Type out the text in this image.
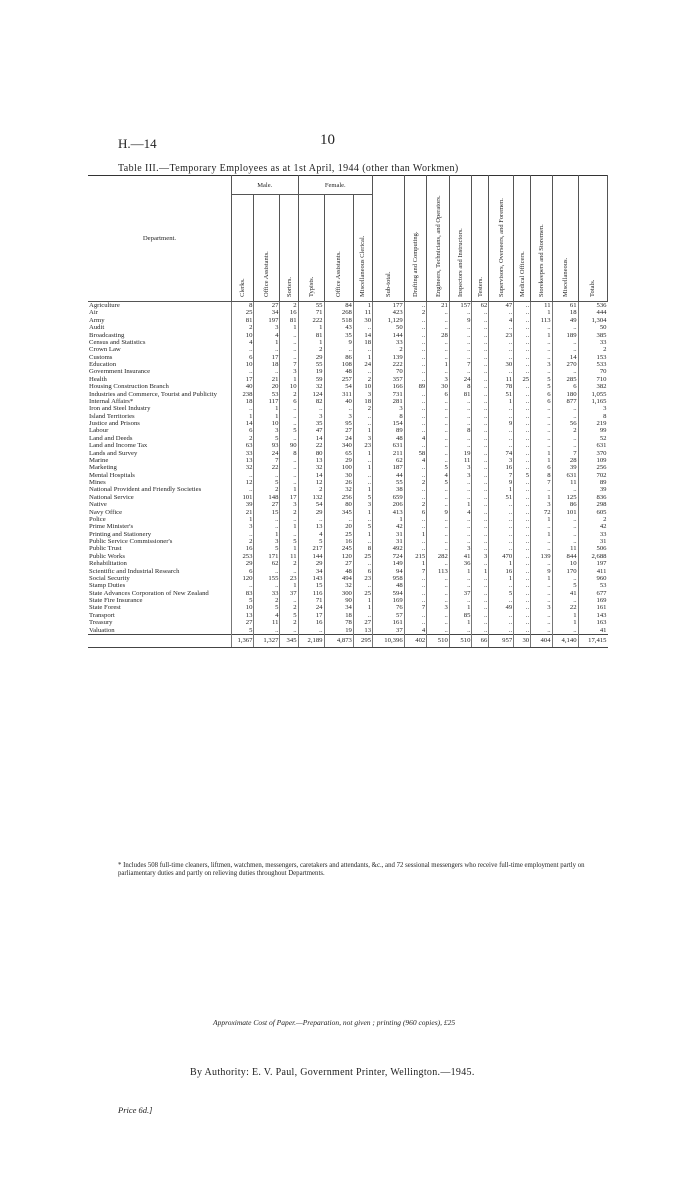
H.—14	10
Table III.—Temporary Employees as at 1st April, 1944 (other than Workmen)
Department.	Male.			Female.			Sub-total.	Drafting and Computing.	Engineers, Technicians, and Operators.	Inspectors and Instructors.	Testers.	Supervisors, Overseers, and Foremen.	Medical Officers.	Storekeepers and Storemen.	Miscellaneous.	Totals.
	Clerks.	Office Assistants.	Sorters.	Typists.	Office Assistants.	Miscellaneous Clerical.										
Agriculture	8	27	2	55	84	1	177	..	21	157	62	47	..	11	61	536
Air	25	34	16	71	268	11	423	2	..	..	..	..	..	1	18	444
Army	81	197	81	222	518	30	1,129	..	..	9	..	4	..	113	49	1,304
Audit	2	3	1	1	43	..	50	..	..	..	..	..	..	..	..	50
Broadcasting	10	4	..	81	35	14	144	..	28	..	..	23	..	1	189	385
Census and Statistics	4	1	..	1	9	18	33	..	..	..	..	..	..	..	..	33
Crown Law	..	..	..	2	..	..	2	..	..	..	..	..	..	..	..	2
Customs	6	17	..	29	86	1	139	..	..	..	..	..	..	..	14	153
Education	10	18	7	55	108	24	222	..	1	7	..	30	..	3	270	533
Government Insurance	..	..	3	19	48	..	70	..	..	..	..	..	..	..	..	70
Health	17	21	1	59	257	2	357	..	3	24	..	11	25	5	285	710
Housing Construction Branch	40	20	10	32	54	10	166	89	30	8	..	78	..	5	6	382
Industries and Commerce, Tourist and Publicity	238	53	2	124	311	3	731	..	6	81	..	51	..	6	180	1,055
Internal Affairs*	18	117	6	82	40	18	281	..	..	..	..	1	..	6	877	1,165
Iron and Steel Industry	..	1	..	..	..	2	3	..	..	..	..	..	..	..	..	3
Island Territories	1	1	..	3	3	..	8	..	..	..	..	..	..	..	..	8
Justice and Prisons	14	10	..	35	95	..	154	..	..	..	..	9	..	..	56	219
Labour	6	3	5	47	27	1	89	..	..	8	..	..	..	..	2	99
Land and Deeds	2	5	..	14	24	3	48	4	..	..	..	..	..	..	..	52
Land and Income Tax	63	93	90	22	340	23	631	..	..	..	..	..	..	..	..	631
Lands and Survey	33	24	8	80	65	1	211	58	..	19	..	74	..	1	7	370
Marine	13	7	..	13	29	..	62	4	..	11	..	3	..	1	28	109
Marketing	32	22	..	32	100	1	187	..	5	3	..	16	..	6	39	256
Mental Hospitals	..	..	..	14	30	..	44	..	4	3	..	7	5	8	631	702
Mines	12	5	..	12	26	..	55	2	5	..	..	9	..	7	11	89
National Provident and Friendly Societies	..	2	1	2	32	1	38	..	..	..	..	1	..	..	..	39
National Service	101	148	17	132	256	5	659	..	..	..	..	51	..	1	125	836
Native	39	27	3	54	80	3	206	2	..	1	..	..	..	3	86	298
Navy Office	21	15	2	29	345	1	413	6	9	4	..	..	..	72	101	605
Police	1	..	..	..	..	..	1	..	..	..	..	..	..	1	..	2
Prime Minister's	3	..	1	13	20	5	42	..	..	..	..	..	..	..	..	42
Printing and Stationery	..	1	..	4	25	1	31	1	..	..	..	..	..	1	..	33
Public Service Commissioner's	2	3	5	5	16	..	31	..	..	..	..	..	..	..	..	31
Public Trust	16	5	1	217	245	8	492	..	..	3	..	..	..	..	11	506
Public Works	253	171	11	144	120	25	724	215	282	41	3	470	..	139	844	2,688
Rehabilitation	29	62	2	29	27	..	149	1	..	36	..	1	..	..	10	197
Scientific and Industrial Research	6	..	..	34	48	6	94	7	113	1	1	16	..	9	170	411
Social Security	120	155	23	143	494	23	958	..	..	..	..	1	..	1	..	960
Stamp Duties	..	..	1	15	32	..	48	..	..	..	..	..	..	..	5	53
State Advances Corporation of New Zealand	83	33	37	116	300	25	594	..	..	37	..	5	..	..	41	677
State Fire Insurance	5	2	..	71	90	1	169	..	..	..	..	..	..	..	..	169
State Forest	10	5	2	24	34	1	76	7	3	1	..	49	..	3	22	161
Transport	13	4	5	17	18	..	57	..	..	85	..	..	..	..	1	143
Treasury	27	11	2	16	78	27	161	..	..	1	..	..	..	..	1	163
Valuation	5	..	..	..	19	13	37	4	..	..	..	..	..	..	..	41
	1,367	1,327	345	2,189	4,873	295	10,396	402	510	510	66	957	30	404	4,140	17,415
* Includes 508 full-time cleaners, liftmen, watchmen, messengers, caretakers and attendants, &c., and 72 sessional messengers who receive full-time employment partly on parliamentary duties and partly on relieving duties throughout Departments.
Approximate Cost of Paper.—Preparation, not given ; printing (960 copies), £25
By Authority: E. V. Paul, Government Printer, Wellington.—1945.
Price 6d.]
